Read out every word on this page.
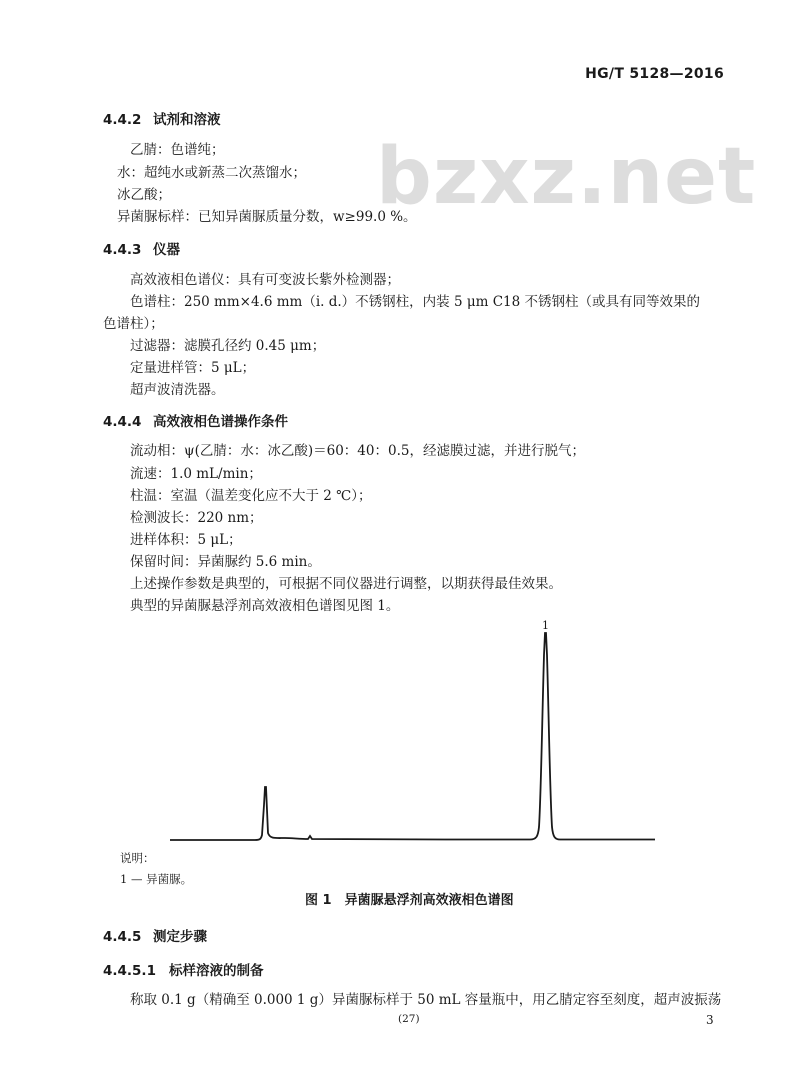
HG/T 5128—2016
bzxz.net
4.4.2 试剂和溶液
乙腈：色谱纯；
水：超纯水或新蒸二次蒸馏水；
冰乙酸；
异菌脲标样：已知异菌脲质量分数，w≥99.0 %。
4.4.3 仪器
高效液相色谱仪：具有可变波长紫外检测器；
色谱柱：250 mm×4.6 mm（i. d.）不锈钢柱，内装 5 μm C18 不锈钢柱（或具有同等效果的
色谱柱）；
过滤器：滤膜孔径约 0.45 μm；
定量进样管：5 μL；
超声波清洗器。
4.4.4 高效液相色谱操作条件
流动相：ψ(乙腈：水：冰乙酸)＝60：40：0.5，经滤膜过滤，并进行脱气；
流速：1.0 mL/min；
柱温：室温（温差变化应不大于 2 ℃）；
检测波长：220 nm；
进样体积：5 μL；
保留时间：异菌脲约 5.6 min。
上述操作参数是典型的，可根据不同仪器进行调整，以期获得最佳效果。
典型的异菌脲悬浮剂高效液相色谱图见图 1。
1
说明：
1 — 异菌脲。
图 1　异菌脲悬浮剂高效液相色谱图
4.4.5 测定步骤
4.4.5.1 标样溶液的制备
称取 0.1 g（精确至 0.000 1 g）异菌脲标样于 50 mL 容量瓶中，用乙腈定容至刻度，超声波振荡
(27)	3
